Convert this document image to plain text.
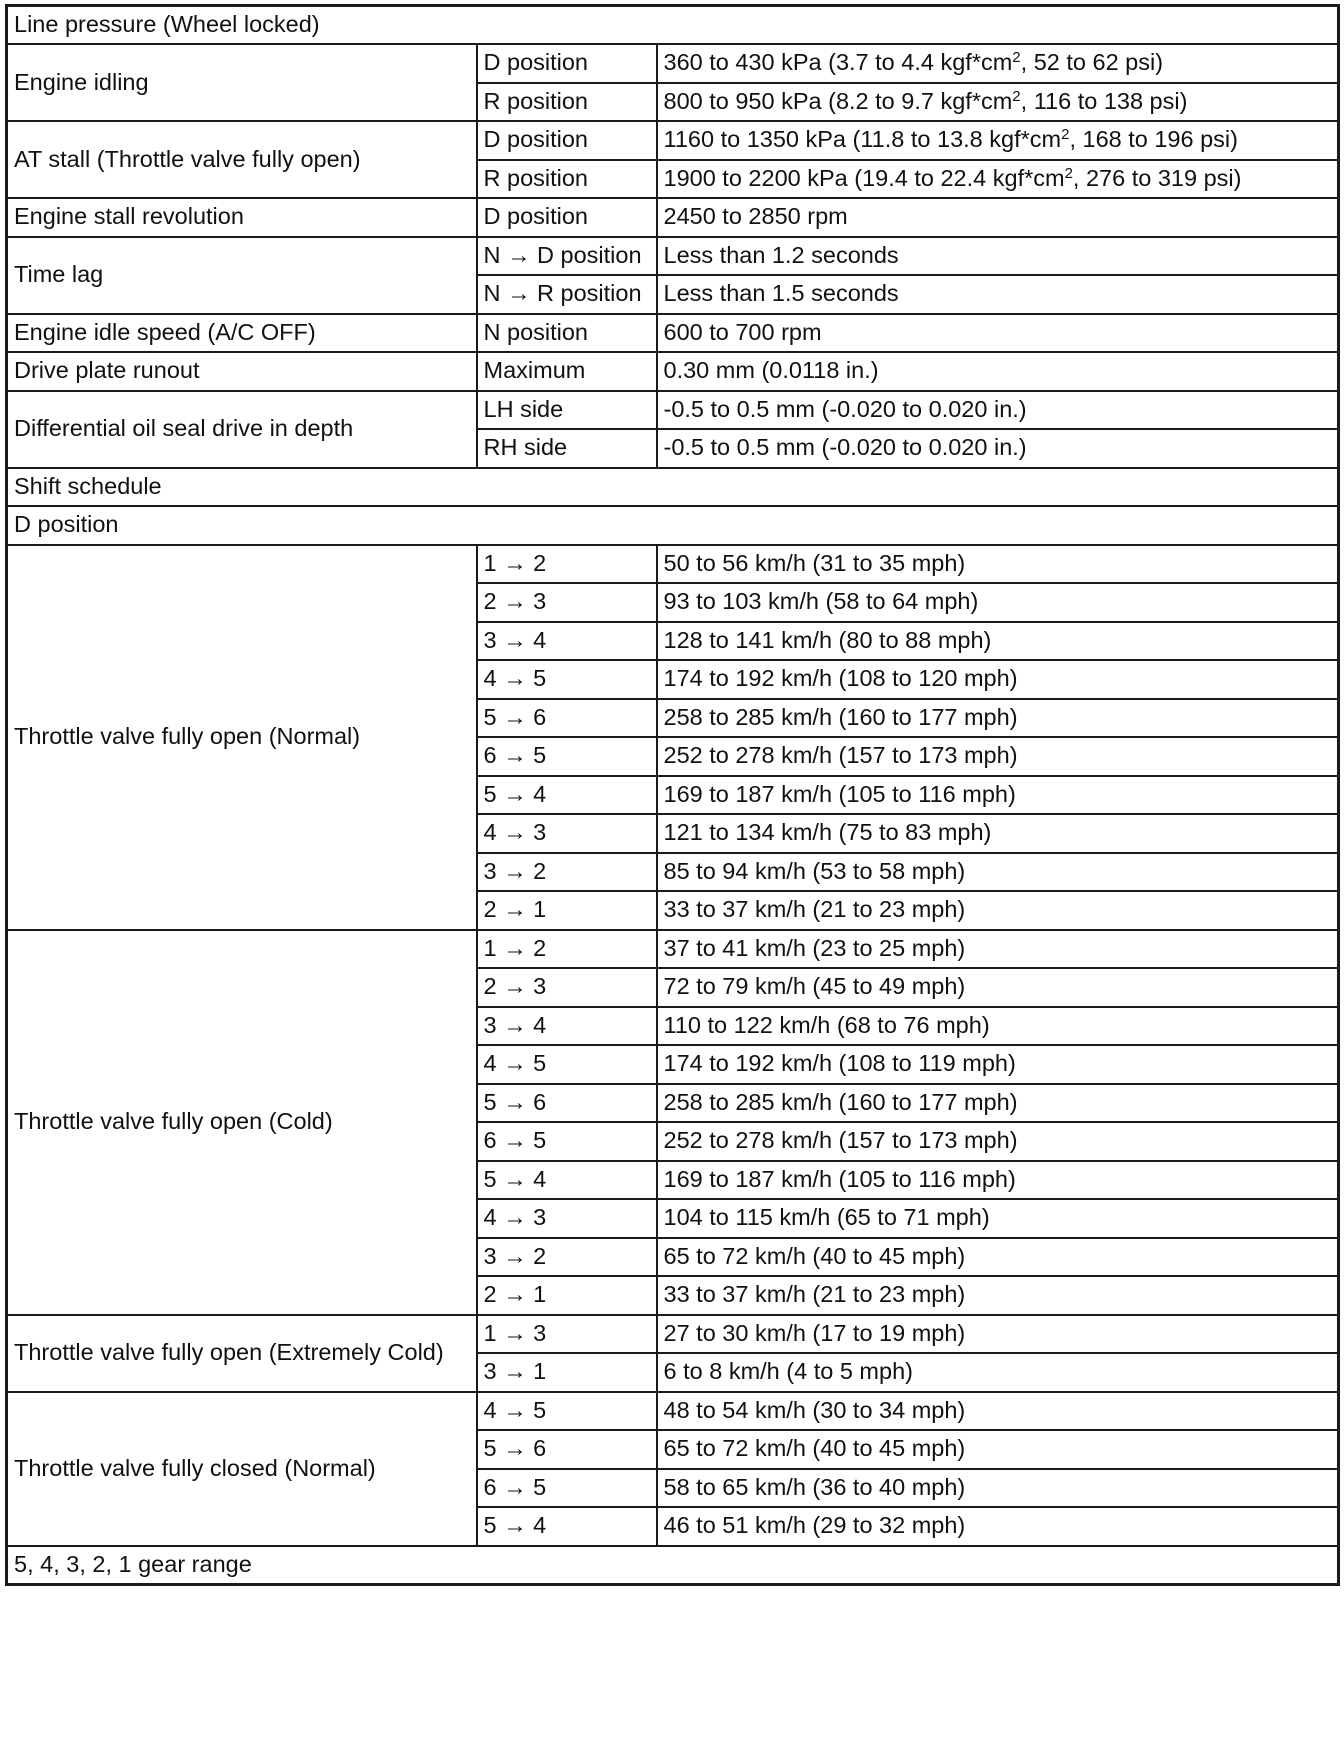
Line pressure (Wheel locked)		
Engine idling	D position	360 to 430 kPa (3.7 to 4.4 $kgf*cm^2$, 52 to 62 psi)
	R position	800 to 950 kPa (8.2 to 9.7 $kgf*cm^2$, 116 to 138 psi)
AT stall (Throttle valve fully open)	D position	1160 to 1350 kPa (11.8 to 13.8 $kgf*cm^2$, 168 to 196 psi)
	R position	1900 to 2200 kPa (19.4 to 22.4 $kgf*cm^2$, 276 to 319 psi)
Engine stall revolution	D position	2450 to 2850 rpm
Time lag	N → D position	Less than 1.2 seconds
	N → R position	Less than 1.5 seconds
Engine idle speed (A/C OFF)	N position	600 to 700 rpm
Drive plate runout	Maximum	0.30 mm (0.0118 in.)
Differential oil seal drive in depth	LH side	-0.5 to 0.5 mm (-0.020 to 0.020 in.)
	RH side	-0.5 to 0.5 mm (-0.020 to 0.020 in.)
Shift schedule		
D position		
Throttle valve fully open (Normal)	1 → 2	50 to 56 km/h (31 to 35 mph)
	2 → 3	93 to 103 km/h (58 to 64 mph)
	3 → 4	128 to 141 km/h (80 to 88 mph)
	4 → 5	174 to 192 km/h (108 to 120 mph)
	5 → 6	258 to 285 km/h (160 to 177 mph)
	6 → 5	252 to 278 km/h (157 to 173 mph)
	5 → 4	169 to 187 km/h (105 to 116 mph)
	4 → 3	121 to 134 km/h (75 to 83 mph)
	3 → 2	85 to 94 km/h (53 to 58 mph)
	2 → 1	33 to 37 km/h (21 to 23 mph)
Throttle valve fully open (Cold)	1 → 2	37 to 41 km/h (23 to 25 mph)
	2 → 3	72 to 79 km/h (45 to 49 mph)
	3 → 4	110 to 122 km/h (68 to 76 mph)
	4 → 5	174 to 192 km/h (108 to 119 mph)
	5 → 6	258 to 285 km/h (160 to 177 mph)
	6 → 5	252 to 278 km/h (157 to 173 mph)
	5 → 4	169 to 187 km/h (105 to 116 mph)
	4 → 3	104 to 115 km/h (65 to 71 mph)
	3 → 2	65 to 72 km/h (40 to 45 mph)
	2 → 1	33 to 37 km/h (21 to 23 mph)
Throttle valve fully open (Extremely Cold)	1 → 3	27 to 30 km/h (17 to 19 mph)
	3 → 1	6 to 8 km/h (4 to 5 mph)
Throttle valve fully closed (Normal)	4 → 5	48 to 54 km/h (30 to 34 mph)
	5 → 6	65 to 72 km/h (40 to 45 mph)
	6 → 5	58 to 65 km/h (36 to 40 mph)
	5 → 4	46 to 51 km/h (29 to 32 mph)
5, 4, 3, 2, 1 gear range		
